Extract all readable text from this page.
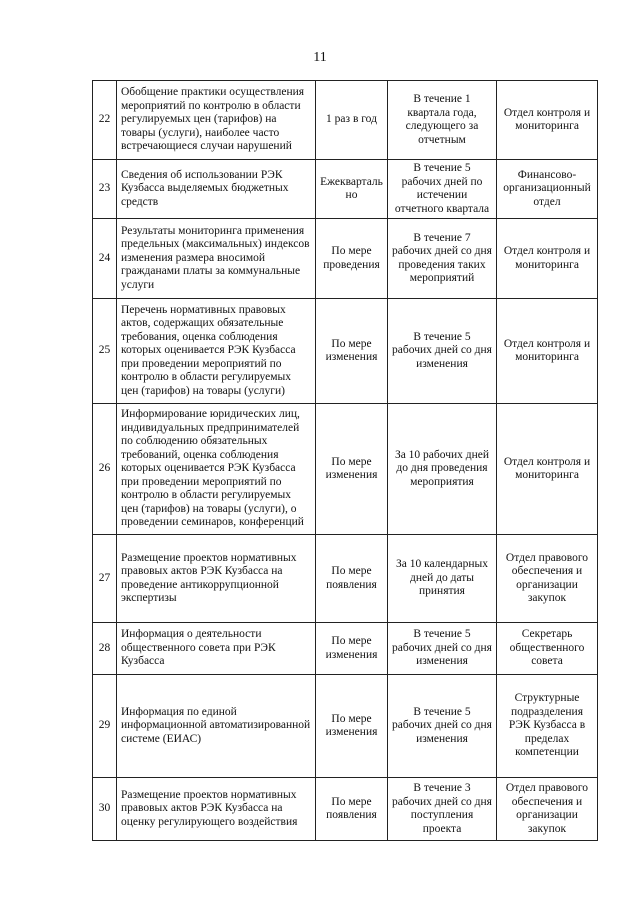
11
22	Обобщение практики осуществления мероприятий по контролю в области регулируемых цен (тарифов) на товары (услуги), наиболее часто встречающиеся случаи нарушений	1 раз в год	В течение 1 квартала года, следующего за отчетным	Отдел контроля и мониторинга
23	Сведения об использовании РЭК Кузбасса выделяемых бюджетных средств	Ежекварталь но	В течение 5 рабочих дней по истечении отчетного квартала	Финансово-организационный отдел
24	Результаты мониторинга применения предельных (максимальных) индексов изменения размера вносимой гражданами платы за коммунальные услуги	По мере проведения	В течение 7 рабочих дней со дня проведения таких мероприятий	Отдел контроля и мониторинга
25	Перечень нормативных правовых актов, содержащих обязательные требования, оценка соблюдения которых оценивается РЭК Кузбасса при проведении мероприятий по контролю в области регулируемых цен (тарифов) на товары (услуги)	По мере изменения	В течение 5 рабочих дней со дня изменения	Отдел контроля и мониторинга
26	Информирование юридических лиц, индивидуальных предпринимателей по соблюдению обязательных требований, оценка соблюдения которых оценивается РЭК Кузбасса при проведении мероприятий по контролю в области регулируемых цен (тарифов) на товары (услуги), о проведении семинаров, конференций	По мере изменения	За 10 рабочих дней до дня проведения мероприятия	Отдел контроля и мониторинга
27	Размещение проектов нормативных правовых актов РЭК Кузбасса на проведение антикоррупционной экспертизы	По мере появления	За 10 календарных дней до даты принятия	Отдел правового обеспечения и организации закупок
28	Информация о деятельности общественного совета при РЭК Кузбасса	По мере изменения	В течение 5 рабочих дней со дня изменения	Секретарь общественного совета
29	Информация по единой информационной автоматизированной системе (ЕИАС)	По мере изменения	В течение 5 рабочих дней со дня изменения	Структурные подразделения РЭК Кузбасса в пределах компетенции
30	Размещение проектов нормативных правовых актов РЭК Кузбасса на оценку регулирующего воздействия	По мере появления	В течение 3 рабочих дней со дня поступления проекта	Отдел правового обеспечения и организации закупок
